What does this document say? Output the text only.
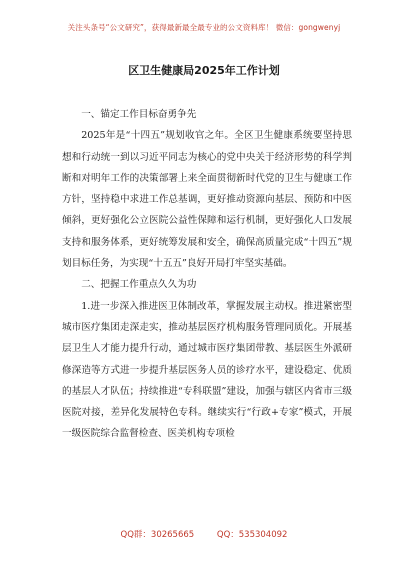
关注头条号“公文研究”，获得最新最全最专业的公文资料库！ 微信：gongwenyj
区卫生健康局2025年工作计划

一、锚定工作目标奋勇争先

2025年是“十四五”规划收官之年。全区卫生健康系统要坚持思想和行动统一到以习近平同志为核心的党中央关于经济形势的科学判断和对明年工作的决策部署上来全面贯彻新时代党的卫生与健康工作方针，坚持稳中求进工作总基调，更好推动资源向基层、预防和中医倾斜，更好强化公立医院公益性保障和运行机制，更好强化人口发展支持和服务体系，更好统筹发展和安全，确保高质量完成“十四五”规划目标任务，为实现“十五五”良好开局打牢坚实基础。

二、把握工作重点久久为功

1.进一步深入推进医卫体制改革，掌握发展主动权。推进紧密型城市医疗集团走深走实，推动基层医疗机构服务管理同质化。开展基层卫生人才能力提升行动，通过城市医疗集团带教、基层医生外派研修深造等方式进一步提升基层医务人员的诊疗水平，建设稳定、优质的基层人才队伍；持续推进“专科联盟”建设，加强与辖区内省市三级医院对接，差异化发展特色专科。继续实行“行政+专家”模式，开展一级医院综合监督检查、医美机构专项检

QQ群：30265665	QQ：535304092
